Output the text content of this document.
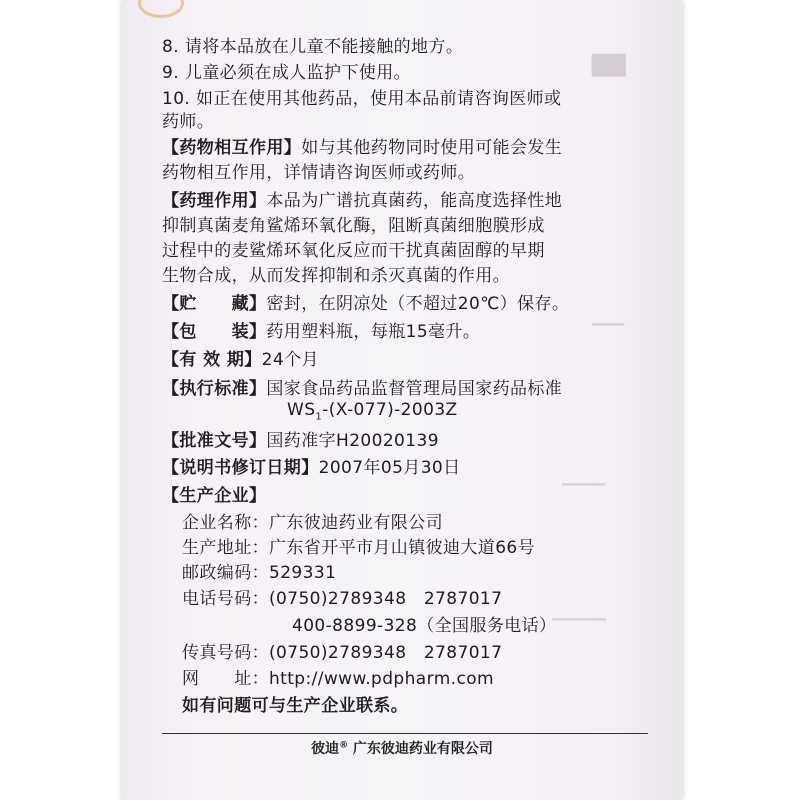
▇▇
▁▁▁
▁▁▁▁
▁▁▁▁▁
8. 请将本品放在儿童不能接触的地方。
9. 儿童必须在成人监护下使用。
10. 如正在使用其他药品，使用本品前请咨询医师或
药师。
【药物相互作用】如与其他药物同时使用可能会发生
药物相互作用，详情请咨询医师或药师。
【药理作用】本品为广谱抗真菌药，能高度选择性地
抑制真菌麦角鲨烯环氧化酶，阻断真菌细胞膜形成
过程中的麦鲨烯环氧化反应而干扰真菌固醇的早期
生物合成，从而发挥抑制和杀灭真菌的作用。
【贮　　藏】密封，在阴凉处（不超过20℃）保存。
【包　　装】药用塑料瓶，每瓶15毫升。
【有 效 期】24个月
【执行标准】国家食品药品监督管理局国家药品标准
$WS_1-(X-077)-2003Z$
【批准文号】国药准字H20020139
【说明书修订日期】2007年05月30日
【生产企业】
企业名称：广东彼迪药业有限公司
生产地址：广东省开平市月山镇彼迪大道66号
邮政编码：529331
电话号码：(0750)2789348　2787017
400-8899-328（全国服务电话）
传真号码：(0750)2789348　2787017
网　　址：http://www.pdpharm.com
如有问题可与生产企业联系。
彼迪® 广东彼迪药业有限公司
